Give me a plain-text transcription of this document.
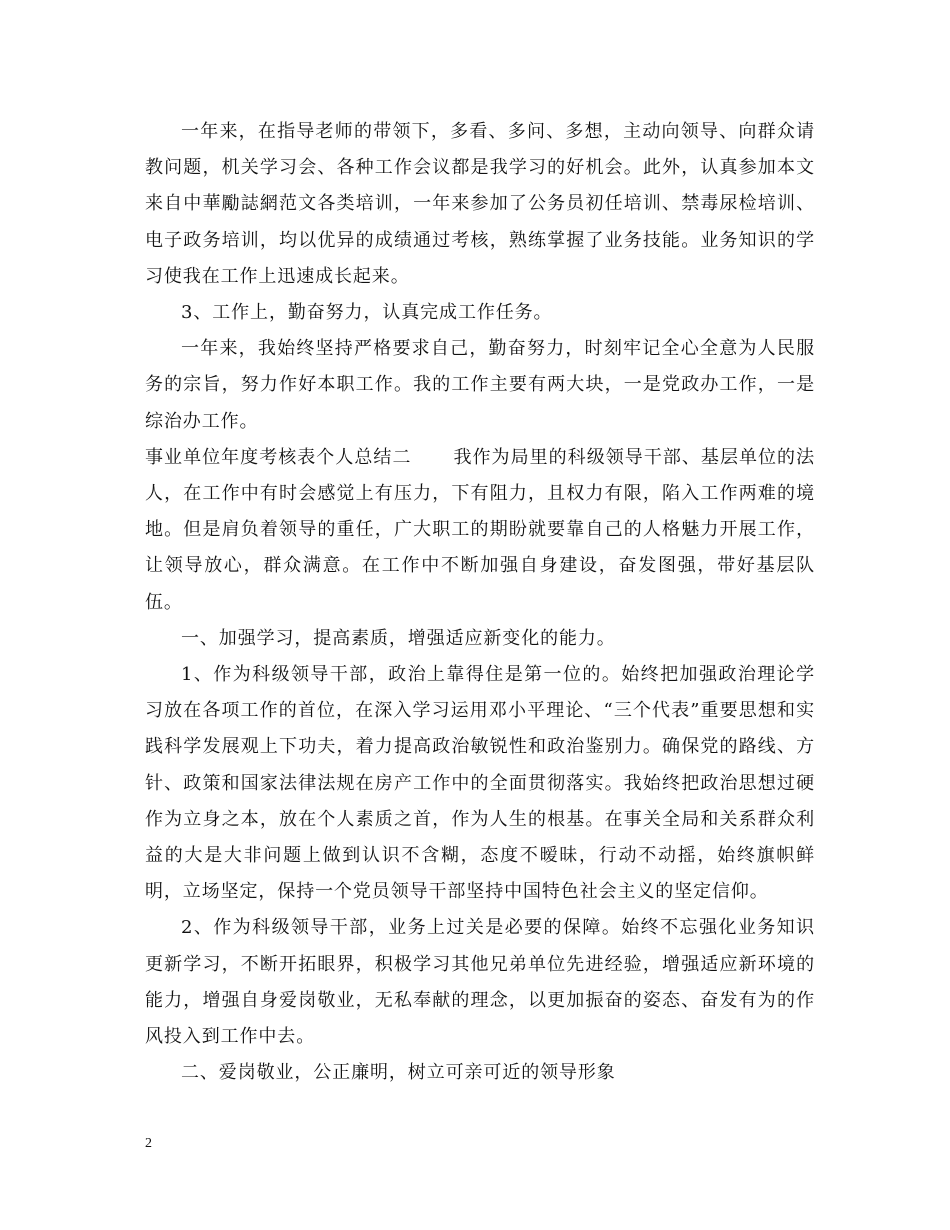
一年来，在指导老师的带领下，多看、多问、多想，主动向领导、向群众请教问题，机关学习会、各种工作会议都是我学习的好机会。此外，认真参加本文来自中華勵誌網范文各类培训，一年来参加了公务员初任培训、禁毒尿检培训、电子政务培训，均以优异的成绩通过考核，熟练掌握了业务技能。业务知识的学习使我在工作上迅速成长起来。

3、工作上，勤奋努力，认真完成工作任务。

一年来，我始终坚持严格要求自己，勤奋努力，时刻牢记全心全意为人民服务的宗旨，努力作好本职工作。我的工作主要有两大块，一是党政办工作，一是综治办工作。

事业单位年度考核表个人总结二 我作为局里的科级领导干部、基层单位的法人，在工作中有时会感觉上有压力，下有阻力，且权力有限，陷入工作两难的境地。但是肩负着领导的重任，广大职工的期盼就要靠自己的人格魅力开展工作，让领导放心，群众满意。在工作中不断加强自身建设，奋发图强，带好基层队伍。

一、加强学习，提高素质，增强适应新变化的能力。

1、作为科级领导干部，政治上靠得住是第一位的。始终把加强政治理论学习放在各项工作的首位，在深入学习运用邓小平理论、“三个代表”重要思想和实践科学发展观上下功夫，着力提高政治敏锐性和政治鉴别力。确保党的路线、方针、政策和国家法律法规在房产工作中的全面贯彻落实。我始终把政治思想过硬作为立身之本，放在个人素质之首，作为人生的根基。在事关全局和关系群众利益的大是大非问题上做到认识不含糊，态度不暧昧，行动不动摇，始终旗帜鲜明，立场坚定，保持一个党员领导干部坚持中国特色社会主义的坚定信仰。

2、作为科级领导干部，业务上过关是必要的保障。始终不忘强化业务知识更新学习，不断开拓眼界，积极学习其他兄弟单位先进经验，增强适应新环境的能力，增强自身爱岗敬业，无私奉献的理念，以更加振奋的姿态、奋发有为的作风投入到工作中去。

二、爱岗敬业，公正廉明，树立可亲可近的领导形象

2
